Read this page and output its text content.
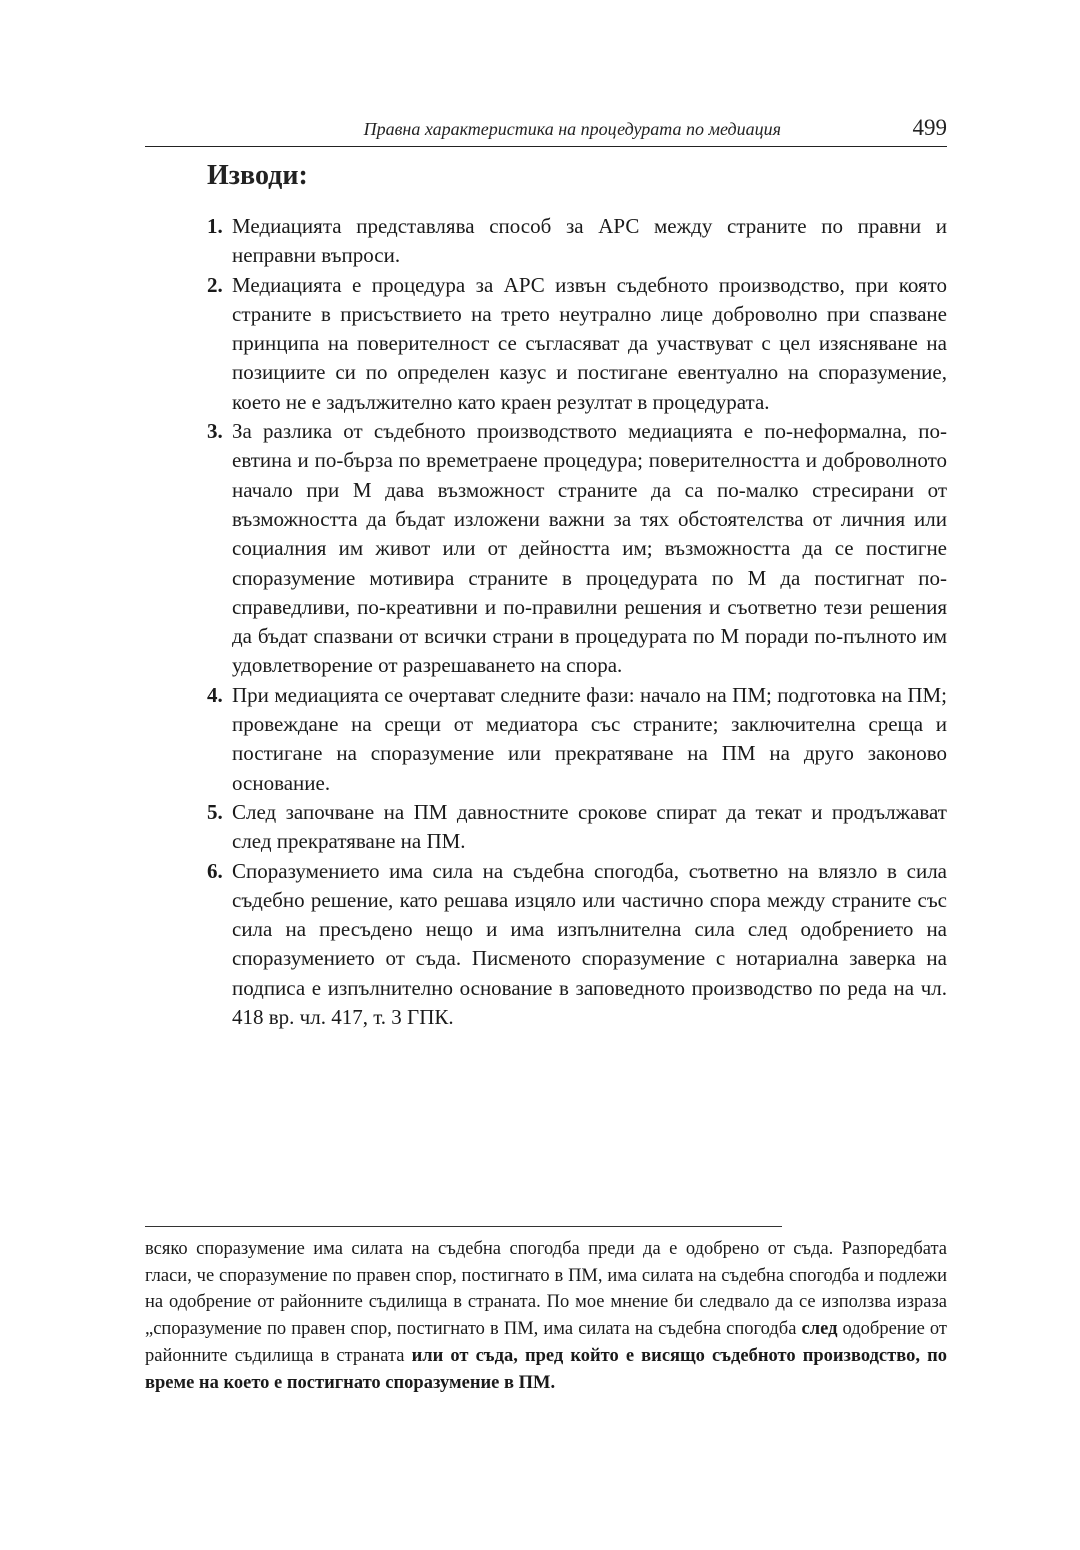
Правна характеристика на процедурата по медиация	499
Изводи:
1. Медиацията представлява способ за АРС между страните по правни и неправни въпроси.
2. Медиацията е процедура за АРС извън съдебното производство, при която страните в присъствието на трето неутрално лице доброволно при спазване принципа на поверителност се съгласяват да участвуват с цел изясняване на позициите си по определен казус и постигане евентуално на споразумение, което не е задължително като краен резултат в процедурата.
3. За разлика от съдебното производството медиацията е по-неформална, по-евтина и по-бърза по времетраене процедура; поверителността и доброволното начало при М дава възможност страните да са по-малко стресирани от възможността да бъдат изложени важни за тях обстоятелства от личния или социалния им живот или от дейността им; възможността да се постигне споразумение мотивира страните в процедурата по М да постигнат по-справедливи, по-креативни и по-правилни решения и съответно тези решения да бъдат спазвани от всички страни в процедурата по М поради по-пълното им удовлетворение от разрешаването на спора.
4. При медиацията се очертават следните фази: начало на ПМ; подготовка на ПМ; провеждане на срещи от медиатора със страните; заключителна среща и постигане на споразумение или прекратяване на ПМ на друго законово основание.
5. След започване на ПМ давностните срокове спират да текат и продължават след прекратяване на ПМ.
6. Споразумението има сила на съдебна спогодба, съответно на влязло в сила съдебно решение, като решава изцяло или частично спора между страните със сила на пресъдено нещо и има изпълнителна сила след одобрението на споразумението от съда. Писменото споразумение с нотариална заверка на подписа е изпълнително основание в заповедното производство по реда на чл. 418 вр. чл. 417, т. 3 ГПК.

всяко споразумение има силата на съдебна спогодба преди да е одобрено от съда. Разпоредбата гласи, че споразумение по правен спор, постигнато в ПМ, има силата на съдебна спогодба и подлежи на одобрение от районните съдилища в страната. По мое мнение би следвало да се използва израза „споразумение по правен спор, постигнато в ПМ, има силата на съдебна спогодба след одобрение от районните съдилища в страната или от съда, пред който е висящо съдебното производство, по време на което е постигнато споразумение в ПМ.
